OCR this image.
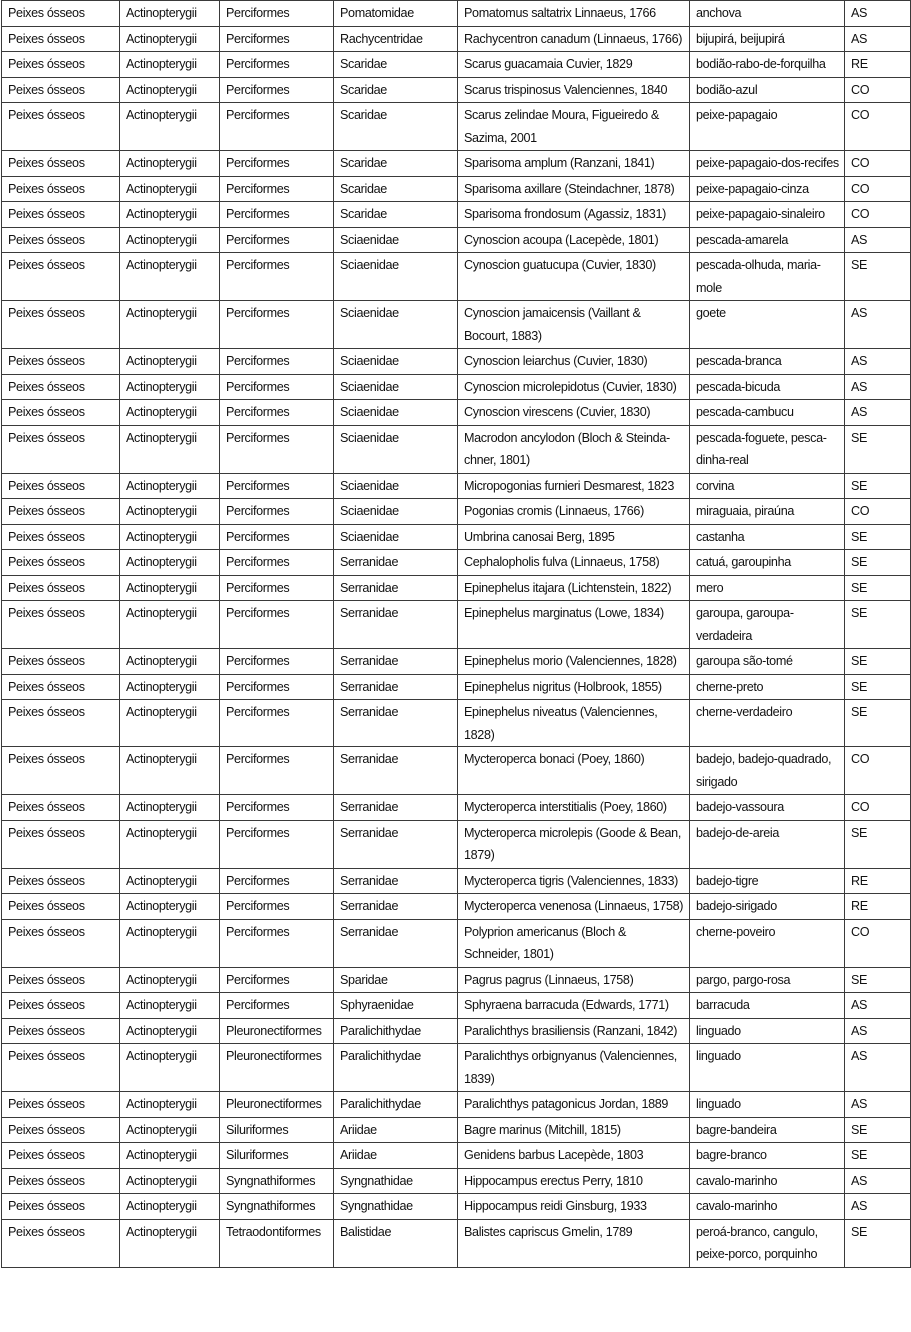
Peixes ósseos	Actinopterygii	Perciformes	Pomatomidae	Pomatomus saltatrix Linnaeus, 1766	anchova	AS
Peixes ósseos	Actinopterygii	Perciformes	Rachycentridae	Rachycentron canadum (Linnaeus, 1766)	bijupirá, beijupirá	AS
Peixes ósseos	Actinopterygii	Perciformes	Scaridae	Scarus guacamaia Cuvier, 1829	bodião-rabo-de-forquilha	RE
Peixes ósseos	Actinopterygii	Perciformes	Scaridae	Scarus trispinosus Valenciennes, 1840	bodião-azul	CO
Peixes ósseos	Actinopterygii	Perciformes	Scaridae	Scarus zelindae Moura, Figueiredo & Sazima, 2001	peixe-papagaio	CO
Peixes ósseos	Actinopterygii	Perciformes	Scaridae	Sparisoma amplum (Ranzani, 1841)	peixe-papagaio-dos-recifes	CO
Peixes ósseos	Actinopterygii	Perciformes	Scaridae	Sparisoma axillare (Steindachner, 1878)	peixe-papagaio-cinza	CO
Peixes ósseos	Actinopterygii	Perciformes	Scaridae	Sparisoma frondosum (Agassiz, 1831)	peixe-papagaio-sinaleiro	CO
Peixes ósseos	Actinopterygii	Perciformes	Sciaenidae	Cynoscion acoupa (Lacepède, 1801)	pescada-amarela	AS
Peixes ósseos	Actinopterygii	Perciformes	Sciaenidae	Cynoscion guatucupa (Cuvier, 1830)	pescada-olhuda, maria-mole	SE
Peixes ósseos	Actinopterygii	Perciformes	Sciaenidae	Cynoscion jamaicensis (Vaillant & Bocourt, 1883)	goete	AS
Peixes ósseos	Actinopterygii	Perciformes	Sciaenidae	Cynoscion leiarchus (Cuvier, 1830)	pescada-branca	AS
Peixes ósseos	Actinopterygii	Perciformes	Sciaenidae	Cynoscion microlepidotus (Cuvier, 1830)	pescada-bicuda	AS
Peixes ósseos	Actinopterygii	Perciformes	Sciaenidae	Cynoscion virescens (Cuvier, 1830)	pescada-cambucu	AS
Peixes ósseos	Actinopterygii	Perciformes	Sciaenidae	Macrodon ancylodon (Bloch & Steinda-chner, 1801)	pescada-foguete, pesca-dinha-real	SE
Peixes ósseos	Actinopterygii	Perciformes	Sciaenidae	Micropogonias furnieri Desmarest, 1823	corvina	SE
Peixes ósseos	Actinopterygii	Perciformes	Sciaenidae	Pogonias cromis (Linnaeus, 1766)	miraguaia, piraúna	CO
Peixes ósseos	Actinopterygii	Perciformes	Sciaenidae	Umbrina canosai Berg, 1895	castanha	SE
Peixes ósseos	Actinopterygii	Perciformes	Serranidae	Cephalopholis fulva (Linnaeus, 1758)	catuá, garoupinha	SE
Peixes ósseos	Actinopterygii	Perciformes	Serranidae	Epinephelus itajara (Lichtenstein, 1822)	mero	SE
Peixes ósseos	Actinopterygii	Perciformes	Serranidae	Epinephelus marginatus (Lowe, 1834)	garoupa, garoupa-verdadeira	SE
Peixes ósseos	Actinopterygii	Perciformes	Serranidae	Epinephelus morio (Valenciennes, 1828)	garoupa são-tomé	SE
Peixes ósseos	Actinopterygii	Perciformes	Serranidae	Epinephelus nigritus (Holbrook, 1855)	cherne-preto	SE
Peixes ósseos	Actinopterygii	Perciformes	Serranidae	Epinephelus niveatus (Valenciennes, 1828)	cherne-verdadeiro	SE
Peixes ósseos	Actinopterygii	Perciformes	Serranidae	Mycteroperca bonaci (Poey, 1860)	badejo, badejo-quadrado, sirigado	CO
Peixes ósseos	Actinopterygii	Perciformes	Serranidae	Mycteroperca interstitialis (Poey, 1860)	badejo-vassoura	CO
Peixes ósseos	Actinopterygii	Perciformes	Serranidae	Mycteroperca microlepis (Goode & Bean, 1879)	badejo-de-areia	SE
Peixes ósseos	Actinopterygii	Perciformes	Serranidae	Mycteroperca tigris (Valenciennes, 1833)	badejo-tigre	RE
Peixes ósseos	Actinopterygii	Perciformes	Serranidae	Mycteroperca venenosa (Linnaeus, 1758)	badejo-sirigado	RE
Peixes ósseos	Actinopterygii	Perciformes	Serranidae	Polyprion americanus (Bloch & Schneider, 1801)	cherne-poveiro	CO
Peixes ósseos	Actinopterygii	Perciformes	Sparidae	Pagrus pagrus (Linnaeus, 1758)	pargo, pargo-rosa	SE
Peixes ósseos	Actinopterygii	Perciformes	Sphyraenidae	Sphyraena barracuda (Edwards, 1771)	barracuda	AS
Peixes ósseos	Actinopterygii	Pleuronectiformes	Paralichithydae	Paralichthys brasiliensis (Ranzani, 1842)	linguado	AS
Peixes ósseos	Actinopterygii	Pleuronectiformes	Paralichithydae	Paralichthys orbignyanus (Valenciennes, 1839)	linguado	AS
Peixes ósseos	Actinopterygii	Pleuronectiformes	Paralichithydae	Paralichthys patagonicus Jordan, 1889	linguado	AS
Peixes ósseos	Actinopterygii	Siluriformes	Ariidae	Bagre marinus (Mitchill, 1815)	bagre-bandeira	SE
Peixes ósseos	Actinopterygii	Siluriformes	Ariidae	Genidens barbus Lacepède, 1803	bagre-branco	SE
Peixes ósseos	Actinopterygii	Syngnathiformes	Syngnathidae	Hippocampus erectus Perry, 1810	cavalo-marinho	AS
Peixes ósseos	Actinopterygii	Syngnathiformes	Syngnathidae	Hippocampus reidi Ginsburg, 1933	cavalo-marinho	AS
Peixes ósseos	Actinopterygii	Tetraodontiformes	Balistidae	Balistes capriscus Gmelin, 1789	peroá-branco, cangulo, peixe-porco, porquinho	SE
